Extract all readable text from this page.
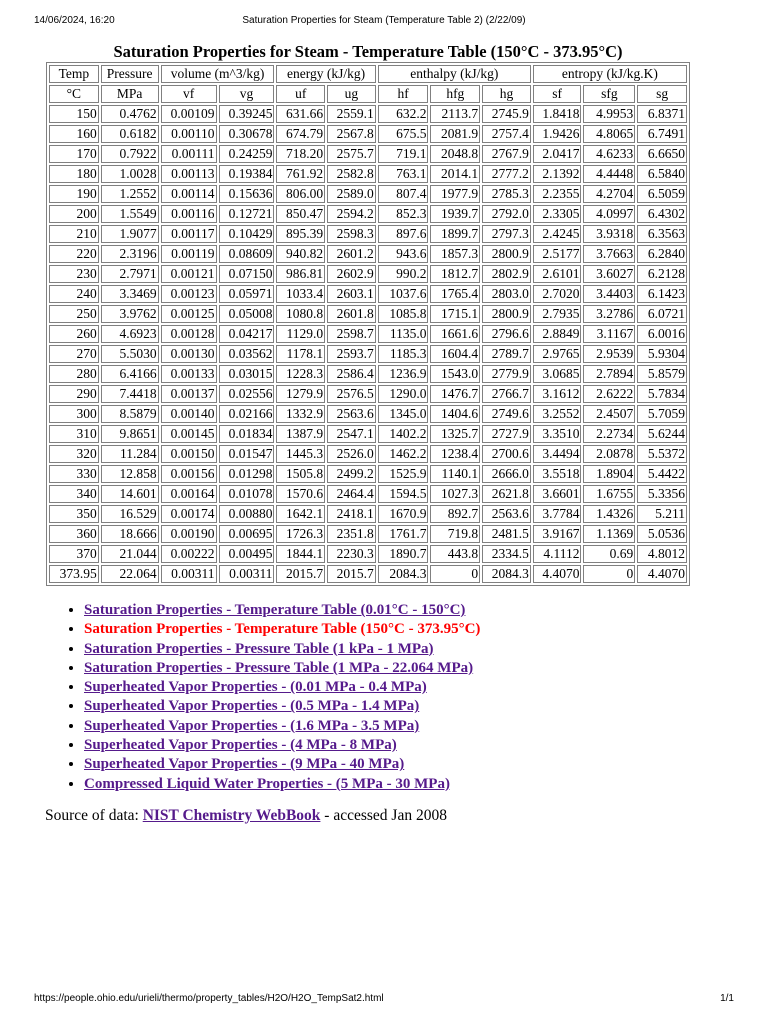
14/06/2024, 16:20	Saturation Properties for Steam (Temperature Table 2) (2/22/09)
Saturation Properties for Steam - Temperature Table (150°C - 373.95°C)
Temp	Pressure	volume (m^3/kg)		energy (kJ/kg)		enthalpy (kJ/kg)			entropy (kJ/kg.K)		
°C	MPa	vf	vg	uf	ug	hf	hfg	hg	sf	sfg	sg
150	0.4762	0.00109	0.39245	631.66	2559.1	632.2	2113.7	2745.9	1.8418	4.9953	6.8371
160	0.6182	0.00110	0.30678	674.79	2567.8	675.5	2081.9	2757.4	1.9426	4.8065	6.7491
170	0.7922	0.00111	0.24259	718.20	2575.7	719.1	2048.8	2767.9	2.0417	4.6233	6.6650
180	1.0028	0.00113	0.19384	761.92	2582.8	763.1	2014.1	2777.2	2.1392	4.4448	6.5840
190	1.2552	0.00114	0.15636	806.00	2589.0	807.4	1977.9	2785.3	2.2355	4.2704	6.5059
200	1.5549	0.00116	0.12721	850.47	2594.2	852.3	1939.7	2792.0	2.3305	4.0997	6.4302
210	1.9077	0.00117	0.10429	895.39	2598.3	897.6	1899.7	2797.3	2.4245	3.9318	6.3563
220	2.3196	0.00119	0.08609	940.82	2601.2	943.6	1857.3	2800.9	2.5177	3.7663	6.2840
230	2.7971	0.00121	0.07150	986.81	2602.9	990.2	1812.7	2802.9	2.6101	3.6027	6.2128
240	3.3469	0.00123	0.05971	1033.4	2603.1	1037.6	1765.4	2803.0	2.7020	3.4403	6.1423
250	3.9762	0.00125	0.05008	1080.8	2601.8	1085.8	1715.1	2800.9	2.7935	3.2786	6.0721
260	4.6923	0.00128	0.04217	1129.0	2598.7	1135.0	1661.6	2796.6	2.8849	3.1167	6.0016
270	5.5030	0.00130	0.03562	1178.1	2593.7	1185.3	1604.4	2789.7	2.9765	2.9539	5.9304
280	6.4166	0.00133	0.03015	1228.3	2586.4	1236.9	1543.0	2779.9	3.0685	2.7894	5.8579
290	7.4418	0.00137	0.02556	1279.9	2576.5	1290.0	1476.7	2766.7	3.1612	2.6222	5.7834
300	8.5879	0.00140	0.02166	1332.9	2563.6	1345.0	1404.6	2749.6	3.2552	2.4507	5.7059
310	9.8651	0.00145	0.01834	1387.9	2547.1	1402.2	1325.7	2727.9	3.3510	2.2734	5.6244
320	11.284	0.00150	0.01547	1445.3	2526.0	1462.2	1238.4	2700.6	3.4494	2.0878	5.5372
330	12.858	0.00156	0.01298	1505.8	2499.2	1525.9	1140.1	2666.0	3.5518	1.8904	5.4422
340	14.601	0.00164	0.01078	1570.6	2464.4	1594.5	1027.3	2621.8	3.6601	1.6755	5.3356
350	16.529	0.00174	0.00880	1642.1	2418.1	1670.9	892.7	2563.6	3.7784	1.4326	5.211
360	18.666	0.00190	0.00695	1726.3	2351.8	1761.7	719.8	2481.5	3.9167	1.1369	5.0536
370	21.044	0.00222	0.00495	1844.1	2230.3	1890.7	443.8	2334.5	4.1112	0.69	4.8012
373.95	22.064	0.00311	0.00311	2015.7	2015.7	2084.3	0	2084.3	4.4070	0	4.4070
• Saturation Properties - Temperature Table (0.01°C - 150°C)
• Saturation Properties - Temperature Table (150°C - 373.95°C)
• Saturation Properties - Pressure Table (1 kPa - 1 MPa)
• Saturation Properties - Pressure Table (1 MPa - 22.064 MPa)
• Superheated Vapor Properties - (0.01 MPa - 0.4 MPa)
• Superheated Vapor Properties - (0.5 MPa - 1.4 MPa)
• Superheated Vapor Properties - (1.6 MPa - 3.5 MPa)
• Superheated Vapor Properties - (4 MPa - 8 MPa)
• Superheated Vapor Properties - (9 MPa - 40 MPa)
• Compressed Liquid Water Properties - (5 MPa - 30 MPa)
Source of data: NIST Chemistry WebBook - accessed Jan 2008
https://people.ohio.edu/urieli/thermo/property_tables/H2O/H2O_TempSat2.html	1/1
